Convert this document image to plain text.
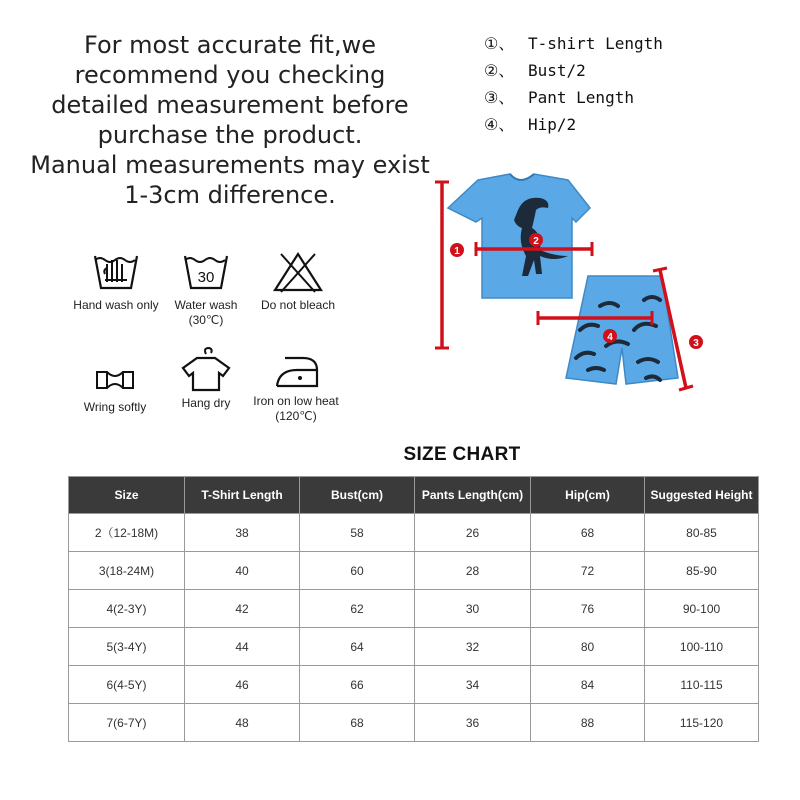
For most accurate fit,we
recommend you checking
detailed measurement before
purchase the product.
Manual measurements may exist
1-3cm difference.
①、 T-shirt Length
②、 Bust/2
③、 Pant Length
④、 Hip/2
Hand wash only
30
Water wash
(30℃)
Do not bleach
Wring softly	Hang dry	Iron on low heat
(120℃)
1
2
3
4
SIZE CHART
Size	T-Shirt Length	Bust(cm)	Pants Length(cm)	Hip(cm)	Suggested Height
2（12-18M)	38	58	26	68	80-85
3(18-24M)	40	60	28	72	85-90
4(2-3Y)	42	62	30	76	90-100
5(3-4Y)	44	64	32	80	100-110
6(4-5Y)	46	66	34	84	110-115
7(6-7Y)	48	68	36	88	115-120
